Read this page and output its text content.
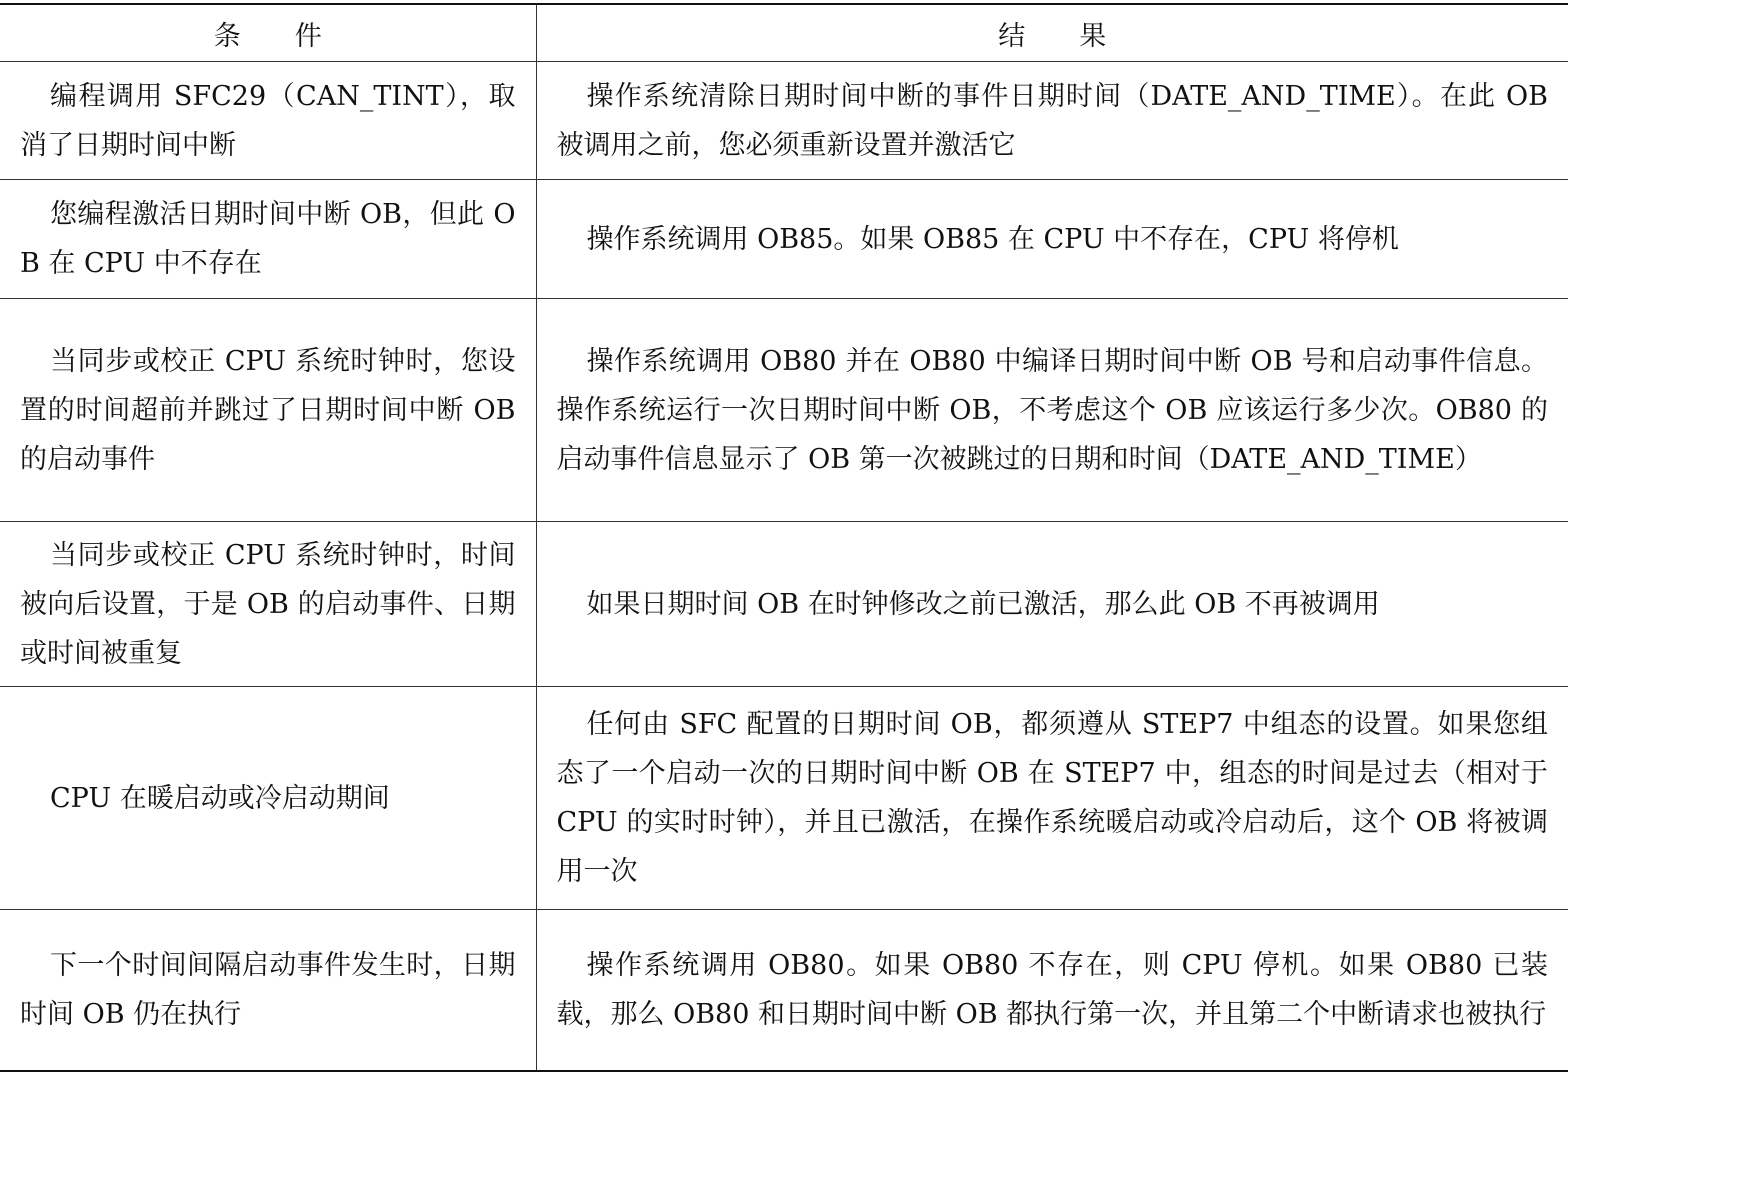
条　　件	结　　果

编程调用 SFC29（CAN_TINT），取消了日期时间中断	操作系统清除日期时间中断的事件日期时间（DATE_AND_TIME）。在此 OB 被调用之前，您必须重新设置并激活它

您编程激活日期时间中断 OB，但此 OB 在 CPU 中不存在	操作系统调用 OB85。如果 OB85 在 CPU 中不存在，CPU 将停机

当同步或校正 CPU 系统时钟时，您设置的时间超前并跳过了日期时间中断 OB 的启动事件	操作系统调用 OB80 并在 OB80 中编译日期时间中断 OB 号和启动事件信息。操作系统运行一次日期时间中断 OB，不考虑这个 OB 应该运行多少次。OB80 的启动事件信息显示了 OB 第一次被跳过的日期和时间（DATE_AND_TIME）

当同步或校正 CPU 系统时钟时，时间被向后设置，于是 OB 的启动事件、日期或时间被重复	如果日期时间 OB 在时钟修改之前已激活，那么此 OB 不再被调用

CPU 在暖启动或冷启动期间	任何由 SFC 配置的日期时间 OB，都须遵从 STEP7 中组态的设置。如果您组态了一个启动一次的日期时间中断 OB 在 STEP7 中，组态的时间是过去（相对于 CPU 的实时时钟），并且已激活，在操作系统暖启动或冷启动后，这个 OB 将被调用一次

下一个时间间隔启动事件发生时，日期时间 OB 仍在执行	操作系统调用 OB80。如果 OB80 不存在，则 CPU 停机。如果 OB80 已装载，那么 OB80 和日期时间中断 OB 都执行第一次，并且第二个中断请求也被执行
